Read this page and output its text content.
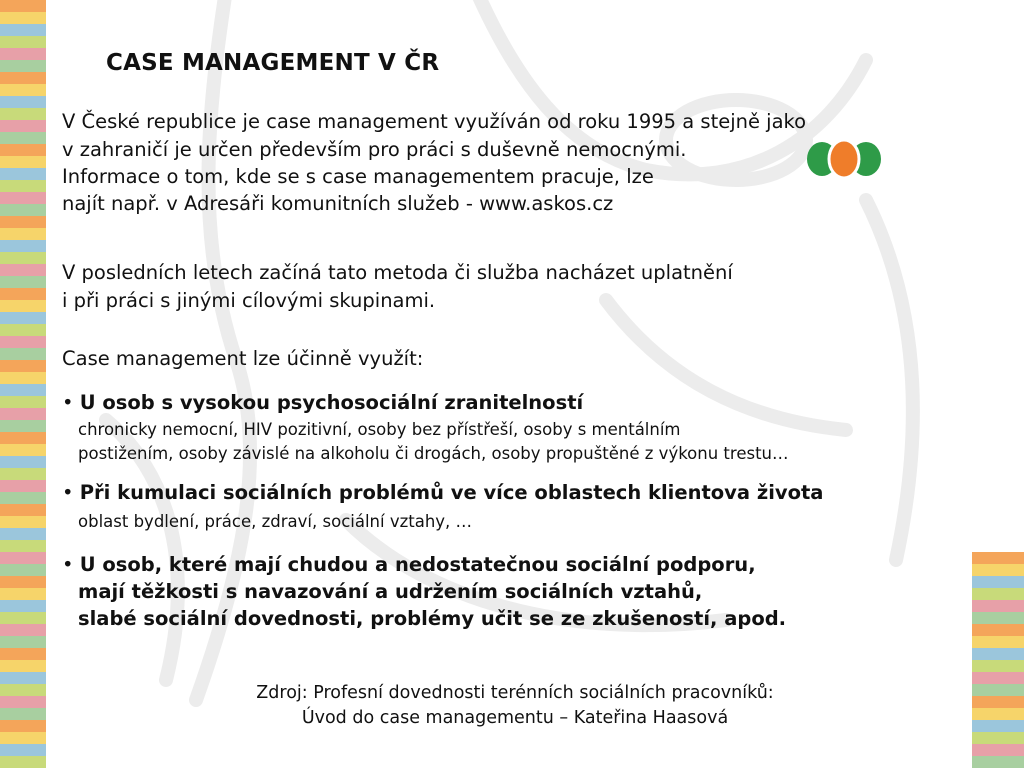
CASE MANAGEMENT V ČR
V České republice je case management využíván od roku 1995 a stejně jako
v zahraničí je určen především pro práci s duševně nemocnými.
Informace o tom, kde se s case managementem pracuje, lze
najít např. v Adresáři komunitních služeb - www.askos.cz
V posledních letech začíná tato metoda či služba nacházet uplatnění
i při práci s jinými cílovými skupinami.
Case management lze účinně využít:
• U osob s vysokou psychosociální zranitelností
chronicky nemocní, HIV pozitivní, osoby bez přístřeší, osoby s mentálním
postižením, osoby závislé na alkoholu či drogách, osoby propuštěné z výkonu trestu…
• Při kumulaci sociálních problémů ve více oblastech klientova života
oblast bydlení, práce, zdraví, sociální vztahy, …
• U osob, které mají chudou a nedostatečnou sociální podporu,
mají těžkosti s navazování a udržením sociálních vztahů,
slabé sociální dovednosti, problémy učit se ze zkušeností, apod.
Zdroj: Profesní dovednosti terénních sociálních pracovníků:
Úvod do case managementu – Kateřina Haasová
